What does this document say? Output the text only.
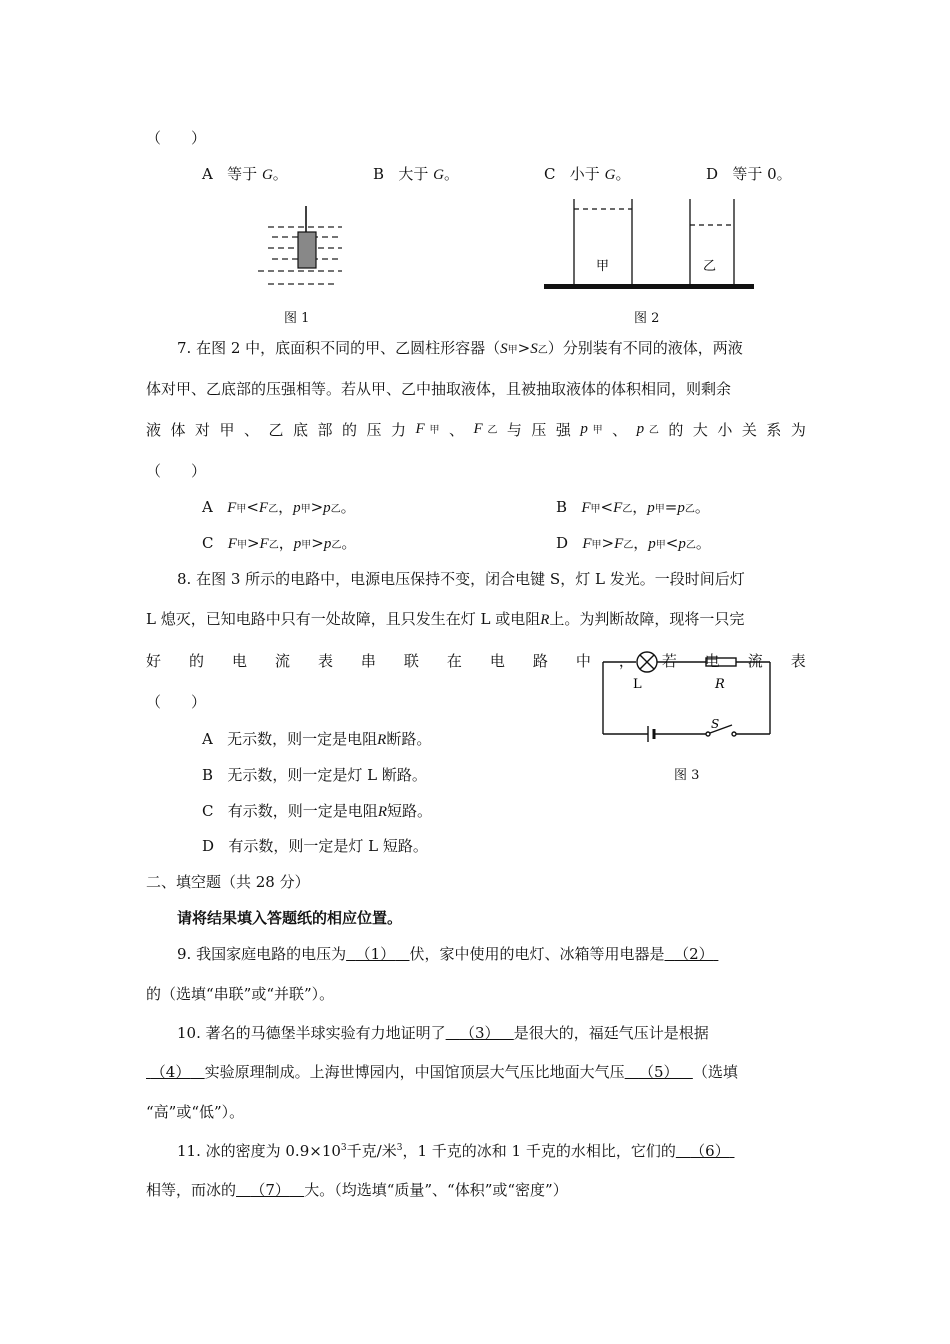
（　　）
A 等于 G。	B 大于 G。	C 小于 G。	D 等于 0。
图 1
甲	乙
图 2
7. 在图 2 中，底面积不同的甲、乙圆柱形容器（S甲>S乙）分别装有不同的液体，两液
体对甲、乙底部的压强相等。若从甲、乙中抽取液体，且被抽取液体的体积相同，则剩余
液 体 对 甲 、 乙 底 部 的 压 力 F 甲 、 F 乙 与 压 强 p 甲 、 p 乙 的 大 小 关 系 为
（　　）
A F甲<F乙，p甲>p乙。	B F甲<F乙，p甲=p乙。
C F甲>F乙，p甲>p乙。	D F甲>F乙，p甲<p乙。
8. 在图 3 所示的电路中，电源电压保持不变，闭合电键 S，灯 L 发光。一段时间后灯
L 熄灭，已知电路中只有一处故障，且只发生在灯 L 或电阻R上。为判断故障，现将一只完
好 的 电 流 表 串 联 在 电 路 中 ， 若 电 流 表
（　　）
L	R
S
图 3
A 无示数，则一定是电阻R断路。
B 无示数，则一定是灯 L 断路。
C 有示数，则一定是电阻R短路。
D 有示数，则一定是灯 L 短路。
二、填空题（共 28 分）
请将结果填入答题纸的相应位置。
9. 我国家庭电路的电压为 （1） 伏，家中使用的电灯、冰箱等用电器是 （2）
的（选填“串联”或“并联”）。
10. 著名的马德堡半球实验有力地证明了 （3） 是很大的，福廷气压计是根据
（4） 实验原理制成。上海世博园内，中国馆顶层大气压比地面大气压 （5） （选填
“高”或“低”）。
11. 冰的密度为 $0.9\times 10^3$千克/米$^3$，1 千克的冰和 1 千克的水相比，它们的 （6）
相等，而冰的 （7） 大。（均选填“质量”、“体积”或“密度”）
